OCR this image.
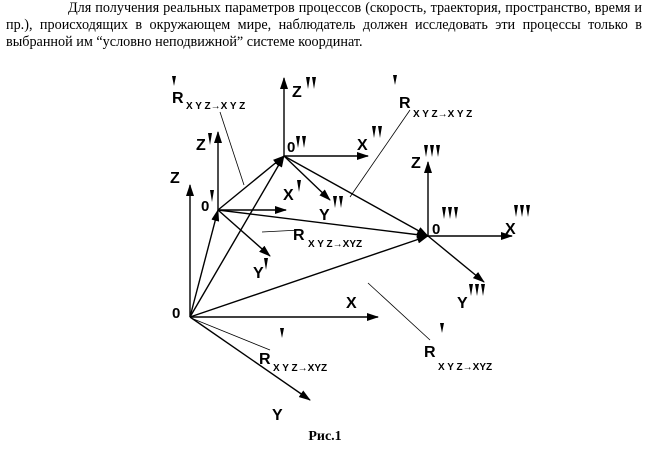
Для получения реальных параметров процессов (скорость, траектория, пространство, время и пр.), происходящих в окружающем мире, наблюдатель должен исследовать эти процессы только в выбранной им “условно неподвижной” системе координат.

0
Z
X
Y
0
Z
X
Y
0
Z
X
Y
0
Z
X
Y
R X Y Z→X Y Z	R
X Y Z→X Y Z
R
X Y Z→XYZ
R
X Y Z→XYZ
R
X Y Z→XYZ
Рис.1
